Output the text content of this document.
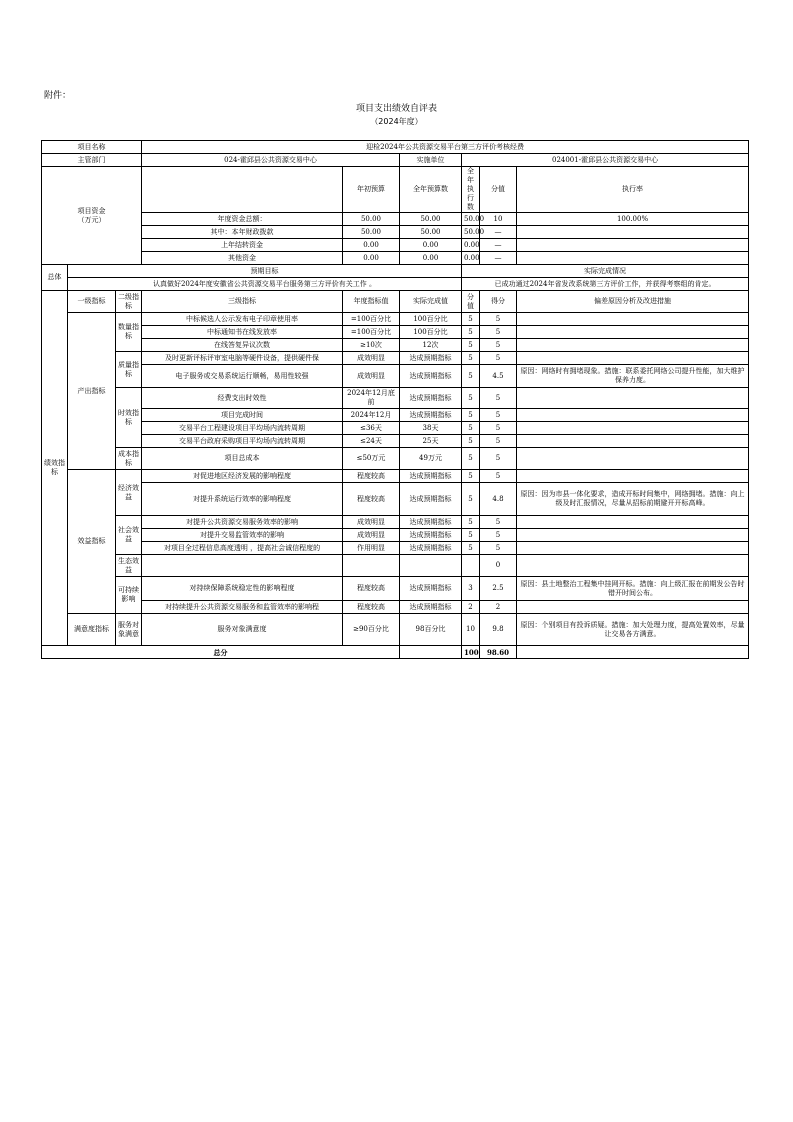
附件：
项目支出绩效自评表
（2024年度）
项目名称			迎检2024年公共资源交易平台第三方评价考核经费						
主管部门			024-霍邱县公共资源交易中心		实施单位	024001-霍邱县公共资源交易中心			
项目资金
（万元）				年初预算	全年预算数	全年执行数	分值	执行率	
			年度资金总额：	50.00	50.00	50.00	10	100.00%	
			其中：本年财政拨款	50.00	50.00	50.00	—		
			上年结转资金	0.00	0.00	0.00	—		
			其他资金	0.00	0.00	0.00	—		
总体	预期目标					实际完成情况			
	认真做好2024年度安徽省公共资源交易平台服务第三方评价有关工作 。					已成功通过2024年省发改系统第三方评价工作，并获得考察组的肯定。			
绩效指标	一级指标	二级指标	三级指标	年度指标值	实际完成值	分值	得分	偏差原因分析及改进措施	
	产出指标	数量指标	中标候选人公示发布电子印章使用率	=100百分比	100百分比	5	5		
			中标通知书在线发放率	=100百分比	100百分比	5	5		
			在线答复异议次数	≥10次	12次	5	5		
		质量指标	及时更新评标评审室电脑等硬件设备，提供硬件保	成效明显	达成预期指标	5	5		
			电子服务或交易系统运行顺畅，易用性较强	成效明显	达成预期指标	5	4.5	原因：网络时有拥堵现象。措施：联系委托网络公司提升性能，加大维护保养力度。	
		时效指标	经费支出时效性	2024年12月底前	达成预期指标	5	5		
			项目完成时间	2024年12月	达成预期指标	5	5		
			交易平台工程建设项目平均场内流转周期	≤36天	38天	5	5		
			交易平台政府采购项目平均场内流转周期	≤24天	25天	5	5		
		成本指标	项目总成本	≤50万元	49万元	5	5		
	效益指标	经济效益	对促进地区经济发展的影响程度	程度较高	达成预期指标	5	5		
			对提升系统运行效率的影响程度	程度较高	达成预期指标	5	4.8	原因：因为市县一体化要求，造成开标时间集中，网络拥堵。措施：向上级及时汇报情况，尽量从招标前期避开开标高峰。	
		社会效益	对提升公共资源交易服务效率的影响	成效明显	达成预期指标	5	5		
			对提升交易监管效率的影响	成效明显	达成预期指标	5	5		
			对项目全过程信息高度透明 ，提高社会诚信程度的	作用明显	达成预期指标	5	5		
		生态效益					0		
		可持续影响	对持续保障系统稳定性的影响程度	程度较高	达成预期指标	3	2.5	原因：县土地整治工程集中挂网开标。措施：向上级汇报在前期发公告时错开时间公布。	
			对持续提升公共资源交易服务和监管效率的影响程	程度较高	达成预期指标	2	2		
	满意度指标	服务对象满意	服务对象满意度	≥90百分比	98百分比	10	9.8	原因：个别项目有投诉质疑。措施：加大处理力度，提高处置效率，尽量让交易各方满意。	
总分						100	98.60		
